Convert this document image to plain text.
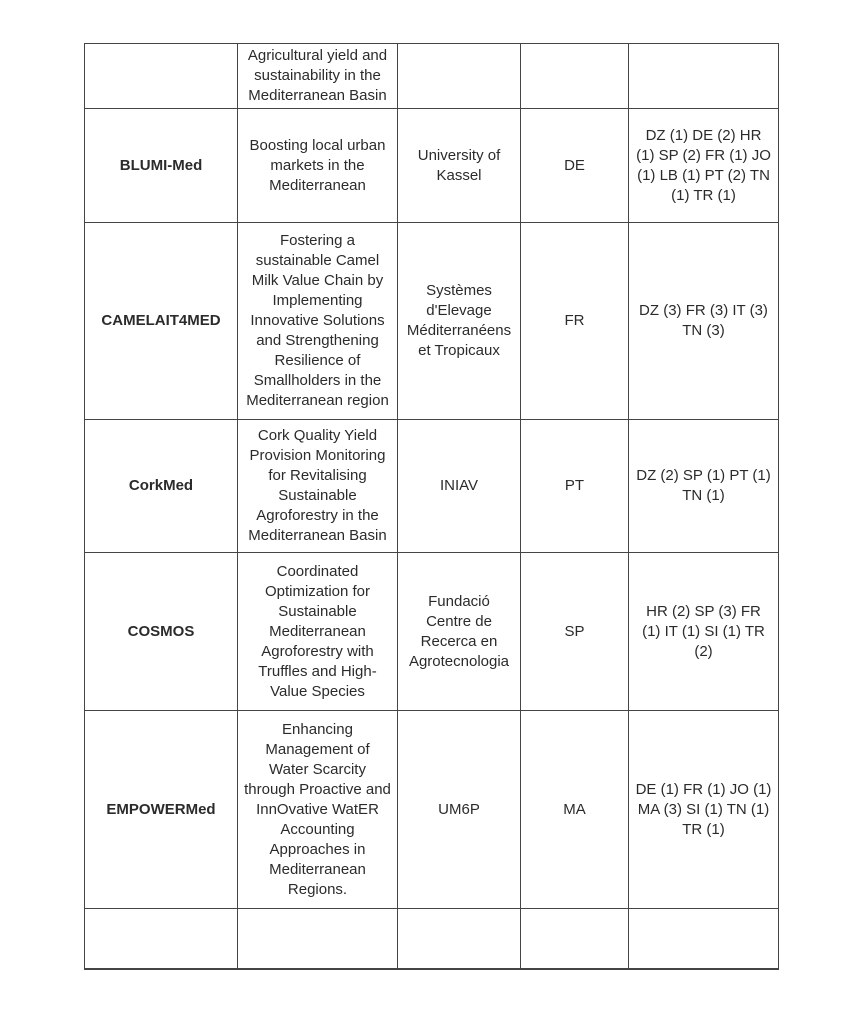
	Agricultural yield and sustainability in the Mediterranean Basin			
BLUMI-Med	Boosting local urban markets in the Mediterranean	University of Kassel	DE	DZ (1) DE (2) HR (1) SP (2) FR (1) JO (1) LB (1) PT (2) TN (1) TR (1)
CAMELAIT4MED	Fostering a sustainable Camel Milk Value Chain by Implementing Innovative Solutions and Strengthening Resilience of Smallholders in the Mediterranean region	Systèmes d'Elevage Méditerranéens et Tropicaux	FR	DZ (3) FR (3) IT (3) TN (3)
CorkMed	Cork Quality Yield Provision Monitoring for Revitalising Sustainable Agroforestry in the Mediterranean Basin	INIAV	PT	DZ (2) SP (1) PT (1) TN (1)
COSMOS	Coordinated Optimization for Sustainable Mediterranean Agroforestry with Truffles and High-Value Species	Fundació Centre de Recerca en Agrotecnologia	SP	HR (2) SP (3) FR (1) IT (1) SI (1) TR (2)
EMPOWERMed	Enhancing Management of Water Scarcity through Proactive and InnOvative WatER Accounting Approaches in Mediterranean Regions.	UM6P	MA	DE (1) FR (1) JO (1) MA (3) SI (1) TN (1) TR (1)
